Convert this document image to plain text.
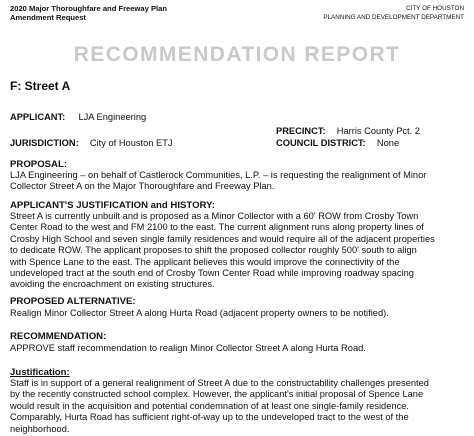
2020 Major Thoroughfare and Freeway Plan
Amendment Request
CITY OF HOUSTON
PLANNING AND DEVELOPMENT DEPARTMENT
RECOMMENDATION REPORT
F: Street A
APPLICANT: LJA Engineering
PRECINCT: Harris County Pct. 2
JURISDICTION: City of Houston ETJ	COUNCIL DISTRICT: None
PROPOSAL:

LJA Engineering – on behalf of Castlerock Communities, L.P. – is requesting the realignment of Minor

Collector Street A on the Major Thoroughfare and Freeway Plan.

APPLICANT'S JUSTIFICATION and HISTORY:

Street A is currently unbuilt and is proposed as a Minor Collector with a 60' ROW from Crosby Town

Center Road to the west and FM 2100 to the east. The current alignment runs along property lines of

Crosby High School and seven single family residences and would require all of the adjacent properties

to dedicate ROW. The applicant proposes to shift the proposed collector roughly 500' south to align

with Spence Lane to the east. The applicant believes this would improve the connectivity of the

undeveloped tract at the south end of Crosby Town Center Road while improving roadway spacing

avoiding the encroachment on existing structures.

PROPOSED ALTERNATIVE:

Realign Minor Collector Street A along Hurta Road (adjacent property owners to be notified).

RECOMMENDATION:

APPROVE staff recommendation to realign Minor Collector Street A along Hurta Road.

Justification:

Staff is in support of a general realignment of Street A due to the constructability challenges presented

by the recently constructed school complex. However, the applicant's initial proposal of Spence Lane

would result in the acquisition and potential condemnation of at least one single-family residence.

Comparably, Hurta Road has sufficient right-of-way up to the undeveloped tract to the west of the

neighborhood.
